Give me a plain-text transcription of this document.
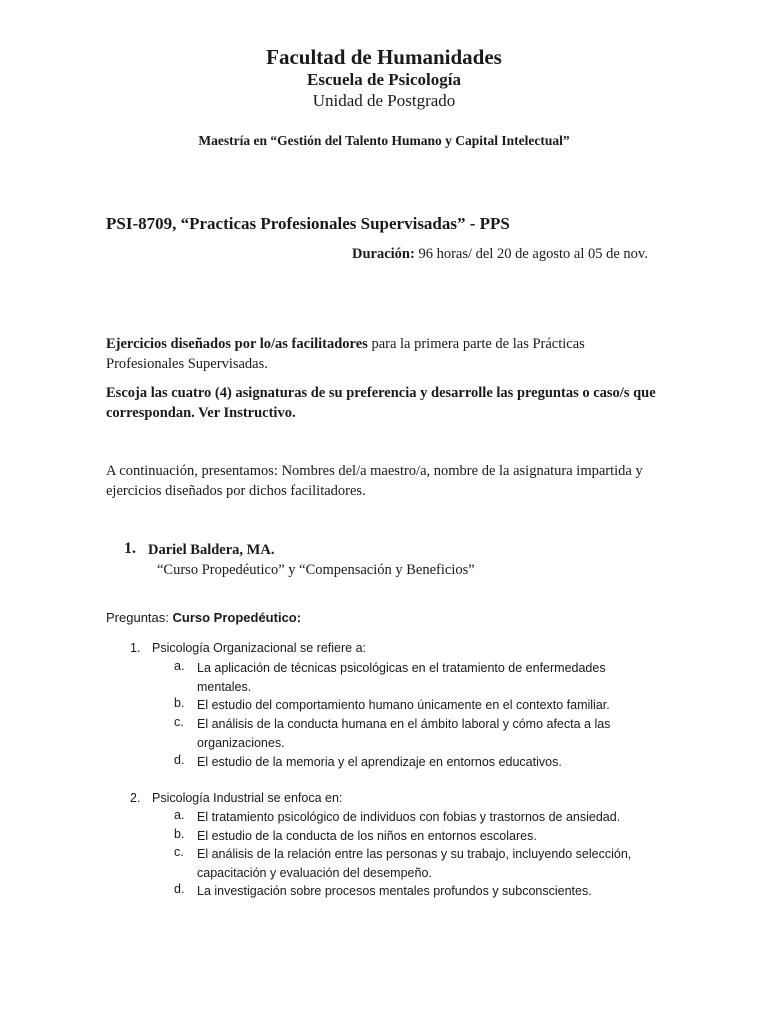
Facultad de Humanidades
Escuela de Psicología
Unidad de Postgrado
Maestría en “Gestión del Talento Humano y Capital Intelectual”
PSI-8709, “Practicas Profesionales Supervisadas” - PPS
Duración: 96 horas/ del 20 de agosto al 05 de nov.
Ejercicios diseñados por lo/as facilitadores para la primera parte de las Prácticas Profesionales Supervisadas.
Escoja las cuatro (4) asignaturas de su preferencia y desarrolle las preguntas o caso/s que correspondan. Ver Instructivo.
A continuación, presentamos: Nombres del/a maestro/a, nombre de la asignatura impartida y ejercicios diseñados por dichos facilitadores.
1. Dariel Baldera, MA.
“Curso Propedéutico” y “Compensación y Beneficios”
Preguntas: Curso Propedéutico:
1. Psicología Organizacional se refiere a:
a. La aplicación de técnicas psicológicas en el tratamiento de enfermedades mentales.
b. El estudio del comportamiento humano únicamente en el contexto familiar.
c. El análisis de la conducta humana en el ámbito laboral y cómo afecta a las organizaciones.
d. El estudio de la memoria y el aprendizaje en entornos educativos.
2. Psicología Industrial se enfoca en:
a. El tratamiento psicológico de individuos con fobias y trastornos de ansiedad.
b. El estudio de la conducta de los niños en entornos escolares.
c. El análisis de la relación entre las personas y su trabajo, incluyendo selección, capacitación y evaluación del desempeño.
d. La investigación sobre procesos mentales profundos y subconscientes.
